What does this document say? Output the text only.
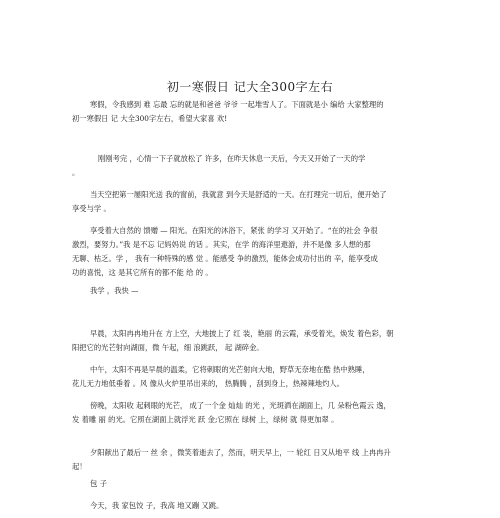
初一寒假日 记大全300字左右
寒假，令我感到 难 忘最 忘的就是和爸爸 爷爷 一起堆雪人了。下面就是小 编给 大家整理的
初一寒假日 记 大全300字左右，希望大家喜 欢!
刚刚考完 ，心情一下子就放松了 许多，在昨天休息一天后，今天又开始了一天的学
。
当天空把第一屡阳光送 我的窗前，我就意 到今天是舒适的一天。在打理完一切后，便开始了
享受与学 。
享受着大自然的 馈赠 — 阳光。在阳光的沐浴下，紧张 的学习 又开始了。“在的社会 争很
激烈，要努力。”我 是不忘 记妈妈说 的话 。其实，在学 的海洋里遨游，并不是像 多人想的那
无聊、枯乏。学 ， 我有一种特殊的感 觉 。能感受 争的激烈，能体会成功付出的 辛，能享受成
功的喜悦，这 是其它所有的都不能 给 的 。
我学 ，我快 —
早晨，太阳冉冉地升在 方上空，大地披上了 红 装，艳丽 的云霞，承受着光，焕发 着色彩，朝
阳把它的光芒射向湖面，微 午起，细 浪跳跃， 起 湖碎金。
中午，太阳不再是早晨的温柔，它将刺眼的光芒射向大地，野草无奈地在酷 热中熟睡，
花儿无力地低垂着 。风 像从火炉里吊出来的， 热腾腾 ，刮到身上，热辣辣地灼人。
傍晚，太阳收 起刺眼的光芒， 成了一个金 灿灿 的光 ，光斑洒在湖面上，几 朵粉色霞云 逸，
发 着雕 丽 的光。它照在湖面上就浮光 跃 金;它照在 绿树 上，绿树 就 得更加翠 。
夕阳献出了最后一 丝 余 ，微笑着逝去了，然而，明天早上，一 轮红 日又从地平 线 上冉冉升
起！
包 子
今天，我 家包饺 子，我高 地又蹦 又跳。
